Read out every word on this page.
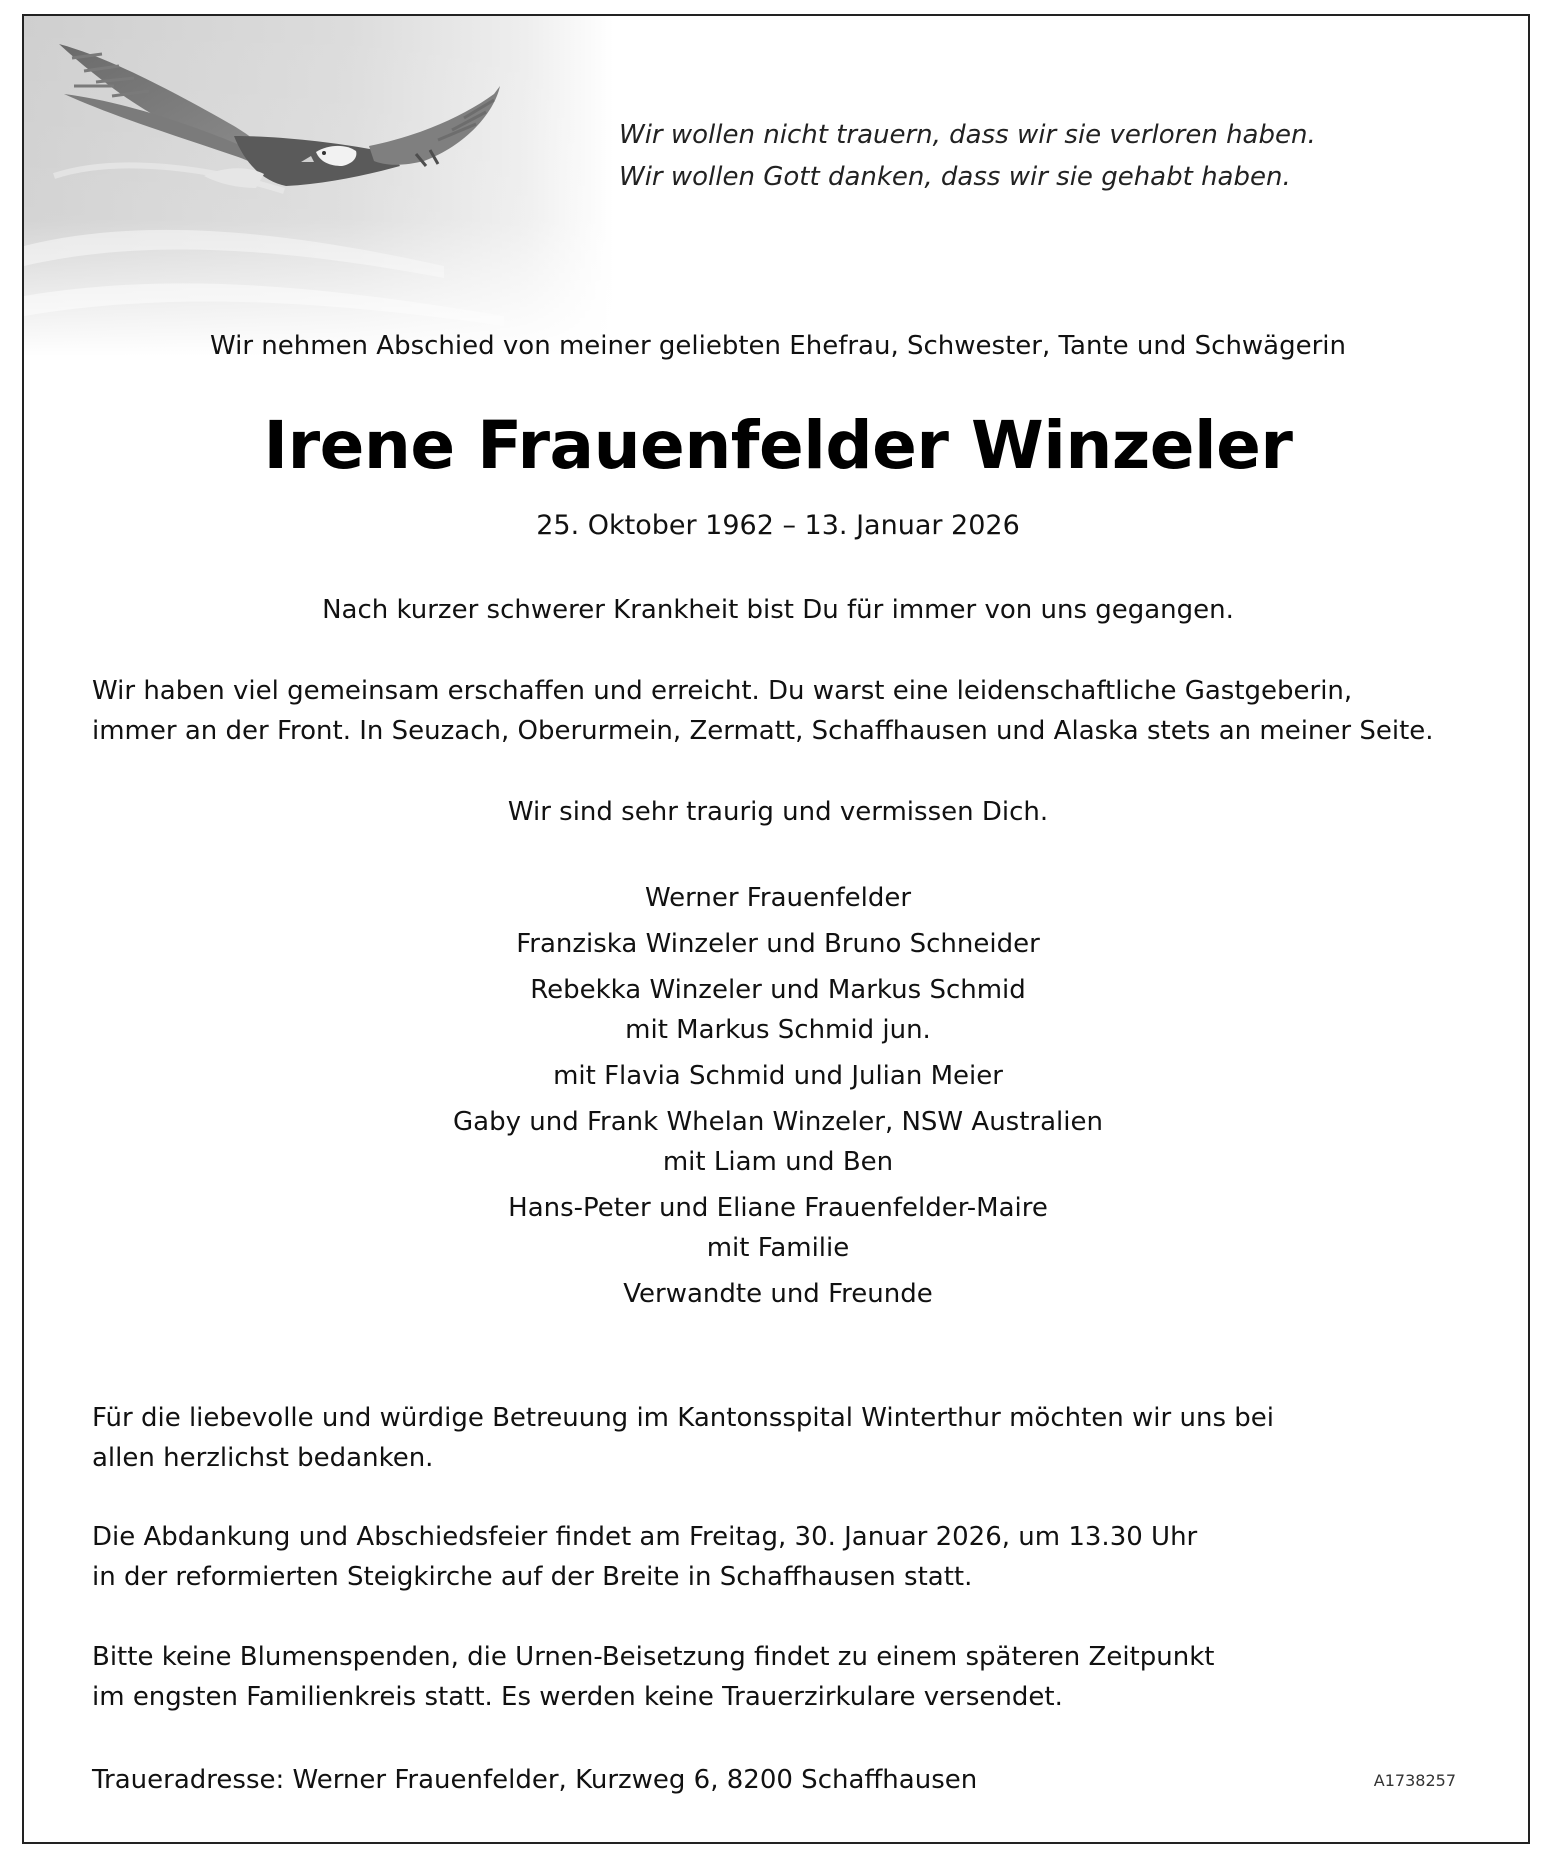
Wir wollen nicht trauern, dass wir sie verloren haben.
Wir wollen Gott danken, dass wir sie gehabt haben.

Wir nehmen Abschied von meiner geliebten Ehefrau, Schwester, Tante und Schwägerin

Irene Frauenfelder Winzeler

25. Oktober 1962 – 13. Januar 2026

Nach kurzer schwerer Krankheit bist Du für immer von uns gegangen.

Wir haben viel gemeinsam erschaffen und erreicht. Du warst eine leidenschaftliche Gastgeberin,
immer an der Front. In Seuzach, Oberurmein, Zermatt, Schaffhausen und Alaska stets an meiner Seite.

Wir sind sehr traurig und vermissen Dich.

Werner Frauenfelder
Franziska Winzeler und Bruno Schneider
Rebekka Winzeler und Markus Schmid
mit Markus Schmid jun.
mit Flavia Schmid und Julian Meier
Gaby und Frank Whelan Winzeler, NSW Australien
mit Liam und Ben
Hans-Peter und Eliane Frauenfelder-Maire
mit Familie
Verwandte und Freunde

Für die liebevolle und würdige Betreuung im Kantonsspital Winterthur möchten wir uns bei
allen herzlichst bedanken.

Die Abdankung und Abschiedsfeier findet am Freitag, 30. Januar 2026, um 13.30 Uhr
in der reformierten Steigkirche auf der Breite in Schaffhausen statt.

Bitte keine Blumenspenden, die Urnen-Beisetzung findet zu einem späteren Zeitpunkt
im engsten Familienkreis statt. Es werden keine Trauerzirkulare versendet.

Traueradresse: Werner Frauenfelder, Kurzweg 6, 8200 Schaffhausen	A1738257
